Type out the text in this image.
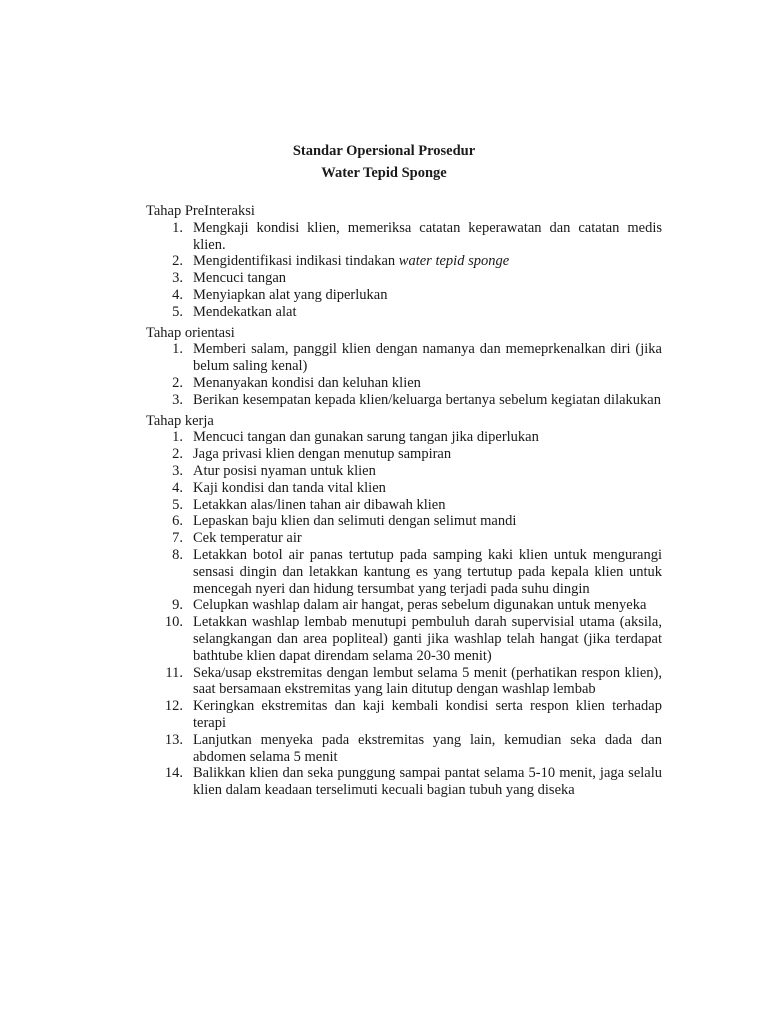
Standar Opersional Prosedur
Water Tepid Sponge
Tahap PreInteraksi
1. Mengkaji kondisi klien, memeriksa catatan keperawatan dan catatan medis klien.
2. Mengidentifikasi indikasi tindakan water tepid sponge
3. Mencuci tangan
4. Menyiapkan alat yang diperlukan
5. Mendekatkan alat
Tahap orientasi
1. Memberi salam, panggil klien dengan namanya dan memeprkenalkan diri (jika belum saling kenal)
2. Menanyakan kondisi dan keluhan klien
3. Berikan kesempatan kepada klien/keluarga bertanya sebelum kegiatan dilakukan
Tahap kerja
1. Mencuci tangan dan gunakan sarung tangan jika diperlukan
2. Jaga privasi klien dengan menutup sampiran
3. Atur posisi nyaman untuk klien
4. Kaji kondisi dan tanda vital klien
5. Letakkan alas/linen tahan air dibawah klien
6. Lepaskan baju klien dan selimuti dengan selimut mandi
7. Cek temperatur air
8. Letakkan botol air panas tertutup pada samping kaki klien untuk mengurangi sensasi dingin dan letakkan kantung es yang tertutup pada kepala klien untuk mencegah nyeri dan hidung tersumbat yang terjadi pada suhu dingin
9. Celupkan washlap dalam air hangat, peras sebelum digunakan untuk menyeka
10. Letakkan washlap lembab menutupi pembuluh darah supervisial utama (aksila, selangkangan dan area popliteal) ganti jika washlap telah hangat (jika terdapat bathtube klien dapat direndam selama 20-30 menit)
11. Seka/usap ekstremitas dengan lembut selama 5 menit (perhatikan respon klien), saat bersamaan ekstremitas yang lain ditutup dengan washlap lembab
12. Keringkan ekstremitas dan kaji kembali kondisi serta respon klien terhadap terapi
13. Lanjutkan menyeka pada ekstremitas yang lain, kemudian seka dada dan abdomen selama 5 menit
14. Balikkan klien dan seka punggung sampai pantat selama 5-10 menit, jaga selalu klien dalam keadaan terselimuti kecuali bagian tubuh yang diseka
